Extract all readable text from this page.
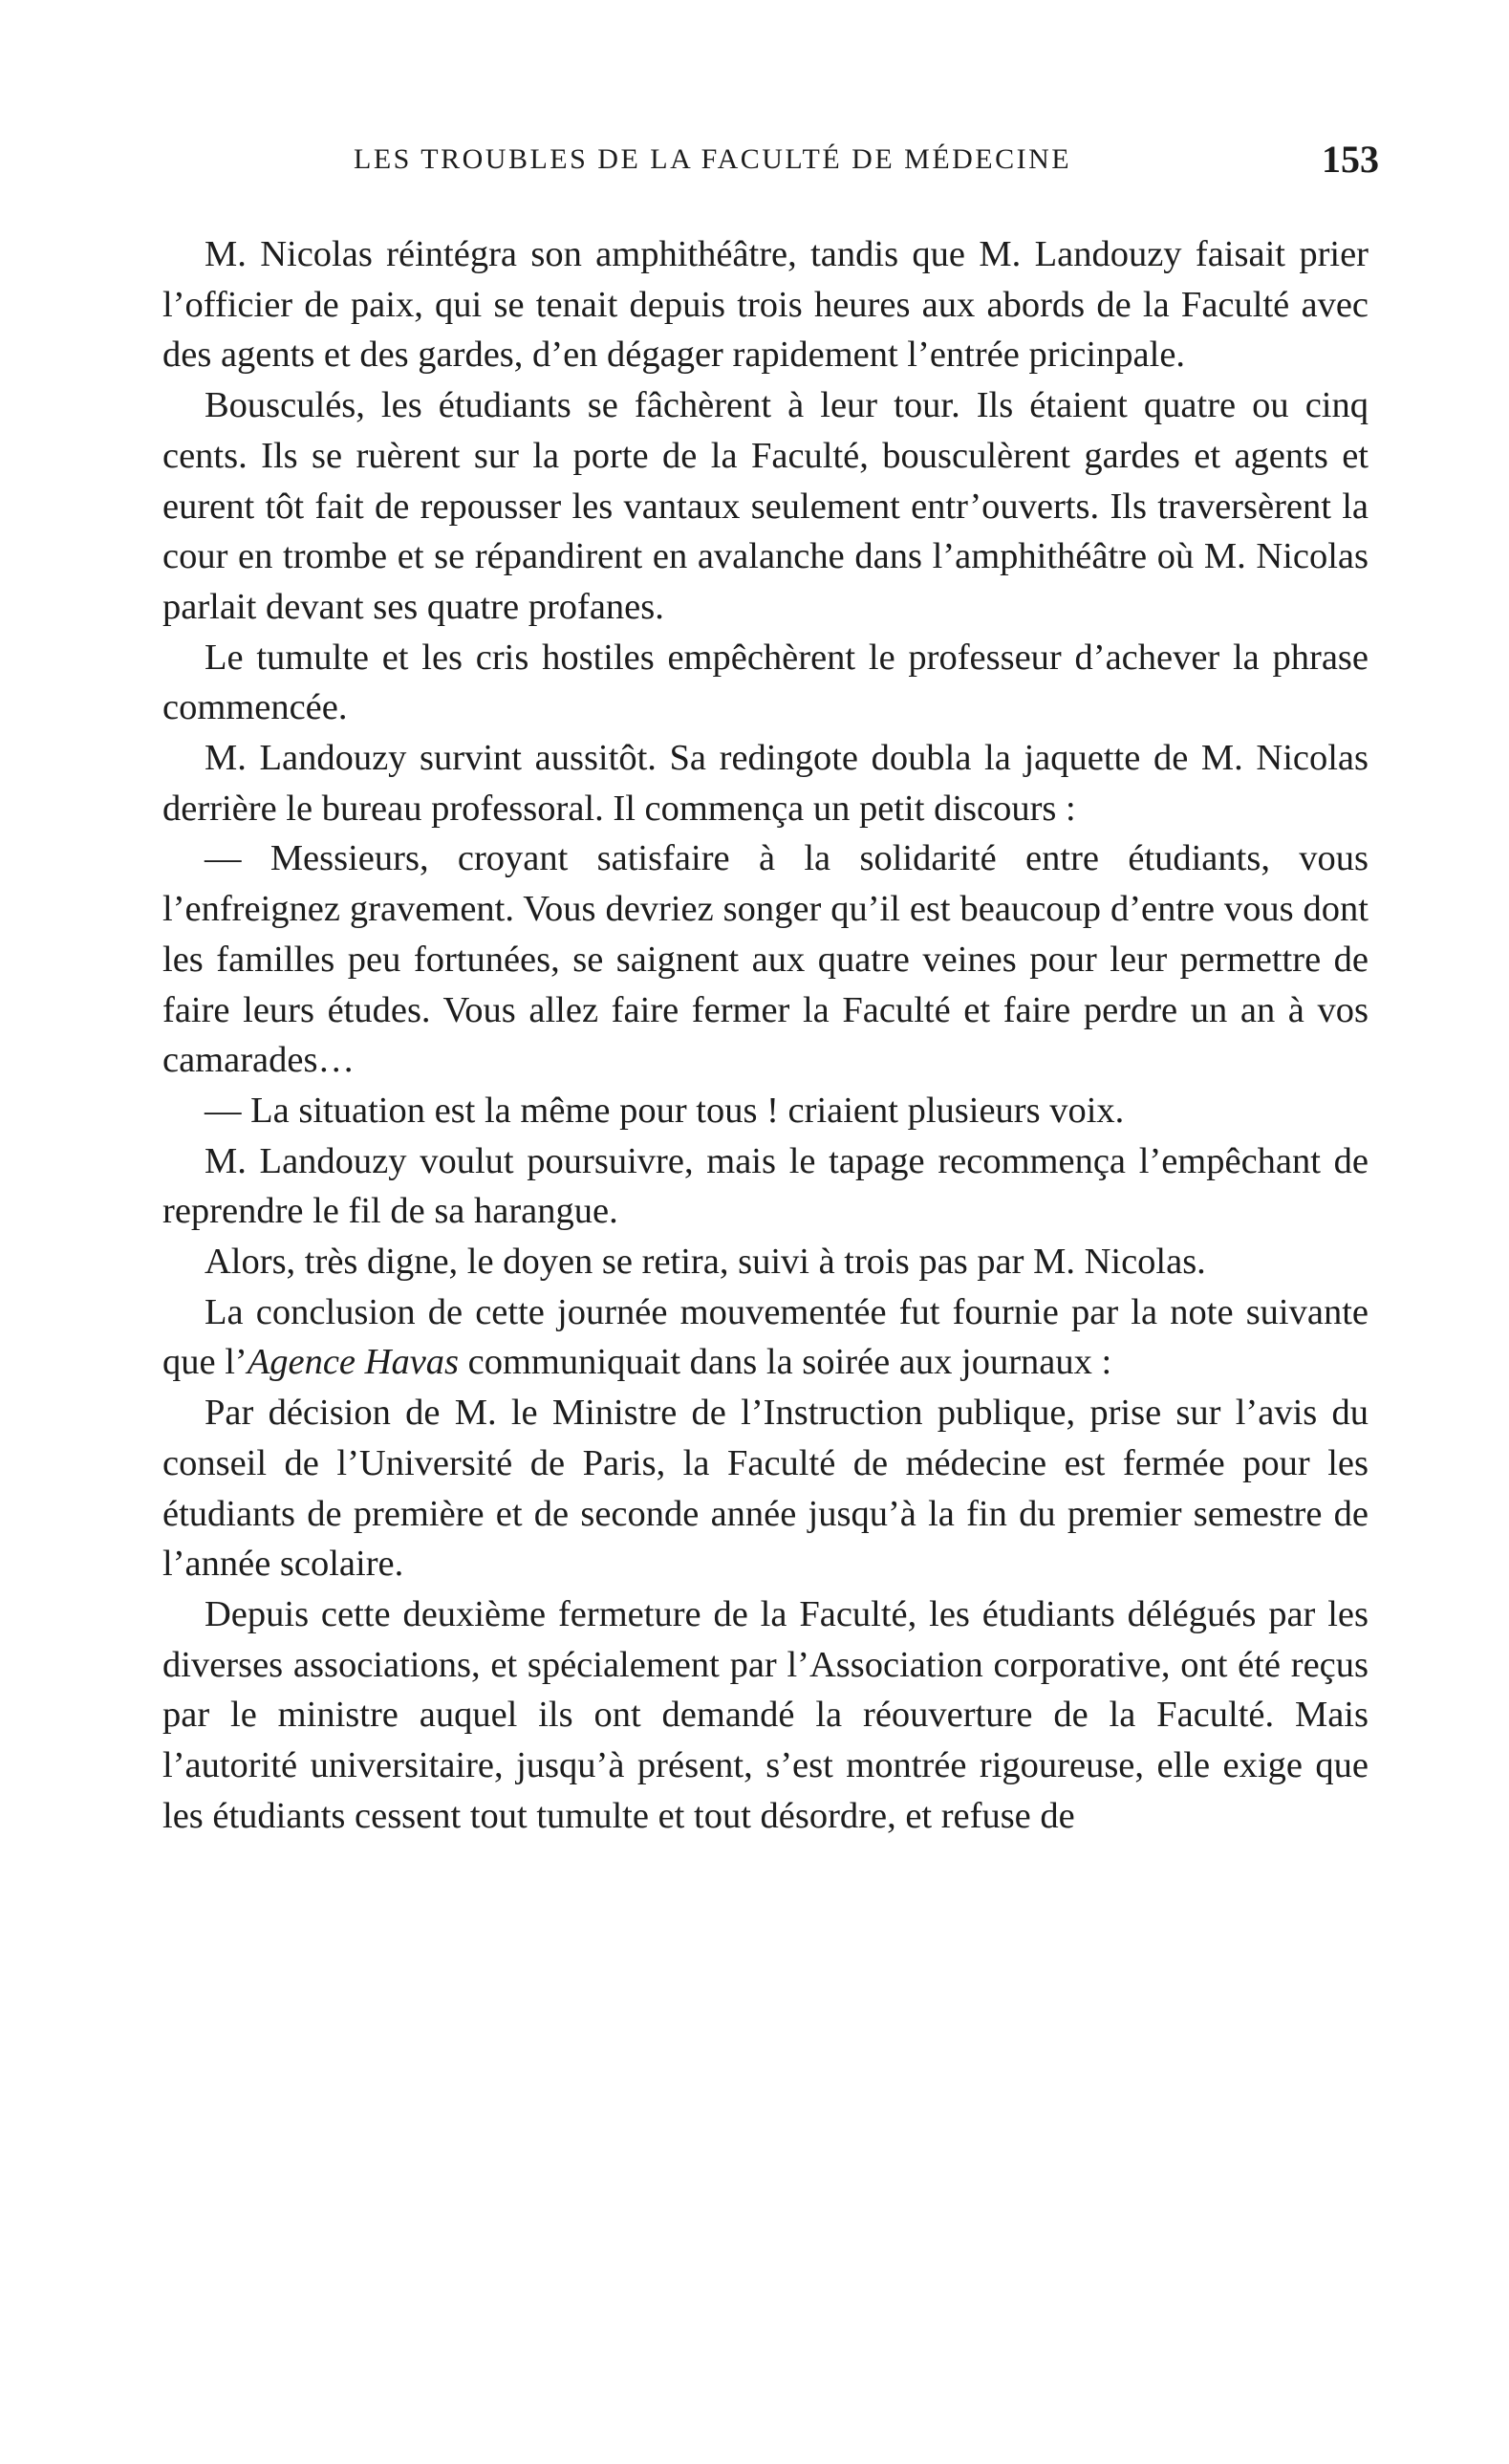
LES TROUBLES DE LA FACULTÉ DE MÉDECINE	153

M. Nicolas réintégra son amphithéâtre, tandis que M. Landouzy faisait prier l’officier de paix, qui se tenait depuis trois heures aux abords de la Faculté avec des agents et des gardes, d’en dégager rapidement l’entrée pricinpale.

Bousculés, les étudiants se fâchèrent à leur tour. Ils étaient quatre ou cinq cents. Ils se ruèrent sur la porte de la Faculté, bousculèrent gardes et agents et eurent tôt fait de repousser les vantaux seulement entr’ouverts. Ils traversèrent la cour en trombe et se répandirent en avalanche dans l’amphithéâtre où M. Nicolas parlait devant ses quatre profanes.

Le tumulte et les cris hostiles empêchèrent le professeur d’achever la phrase commencée.

M. Landouzy survint aussitôt. Sa redingote doubla la jaquette de M. Nicolas derrière le bureau professoral. Il commença un petit discours :

— Messieurs, croyant satisfaire à la solidarité entre étudiants, vous l’enfreignez gravement. Vous devriez songer qu’il est beaucoup d’entre vous dont les familles peu fortunées, se saignent aux quatre veines pour leur permettre de faire leurs études. Vous allez faire fermer la Faculté et faire perdre un an à vos camarades…

— La situation est la même pour tous ! criaient plusieurs voix.

M. Landouzy voulut poursuivre, mais le tapage recommença l’empêchant de reprendre le fil de sa harangue.

Alors, très digne, le doyen se retira, suivi à trois pas par M. Nicolas.

La conclusion de cette journée mouvementée fut fournie par la note suivante que l’Agence Havas communiquait dans la soirée aux journaux :

Par décision de M. le Ministre de l’Instruction publique, prise sur l’avis du conseil de l’Université de Paris, la Faculté de médecine est fermée pour les étudiants de première et de seconde année jusqu’à la fin du premier semestre de l’année scolaire.

Depuis cette deuxième fermeture de la Faculté, les étudiants délégués par les diverses associations, et spécialement par l’Association corporative, ont été reçus par le ministre auquel ils ont demandé la réouverture de la Faculté. Mais l’autorité universitaire, jusqu’à présent, s’est montrée rigoureuse, elle exige que les étudiants cessent tout tumulte et tout désordre, et refuse de
